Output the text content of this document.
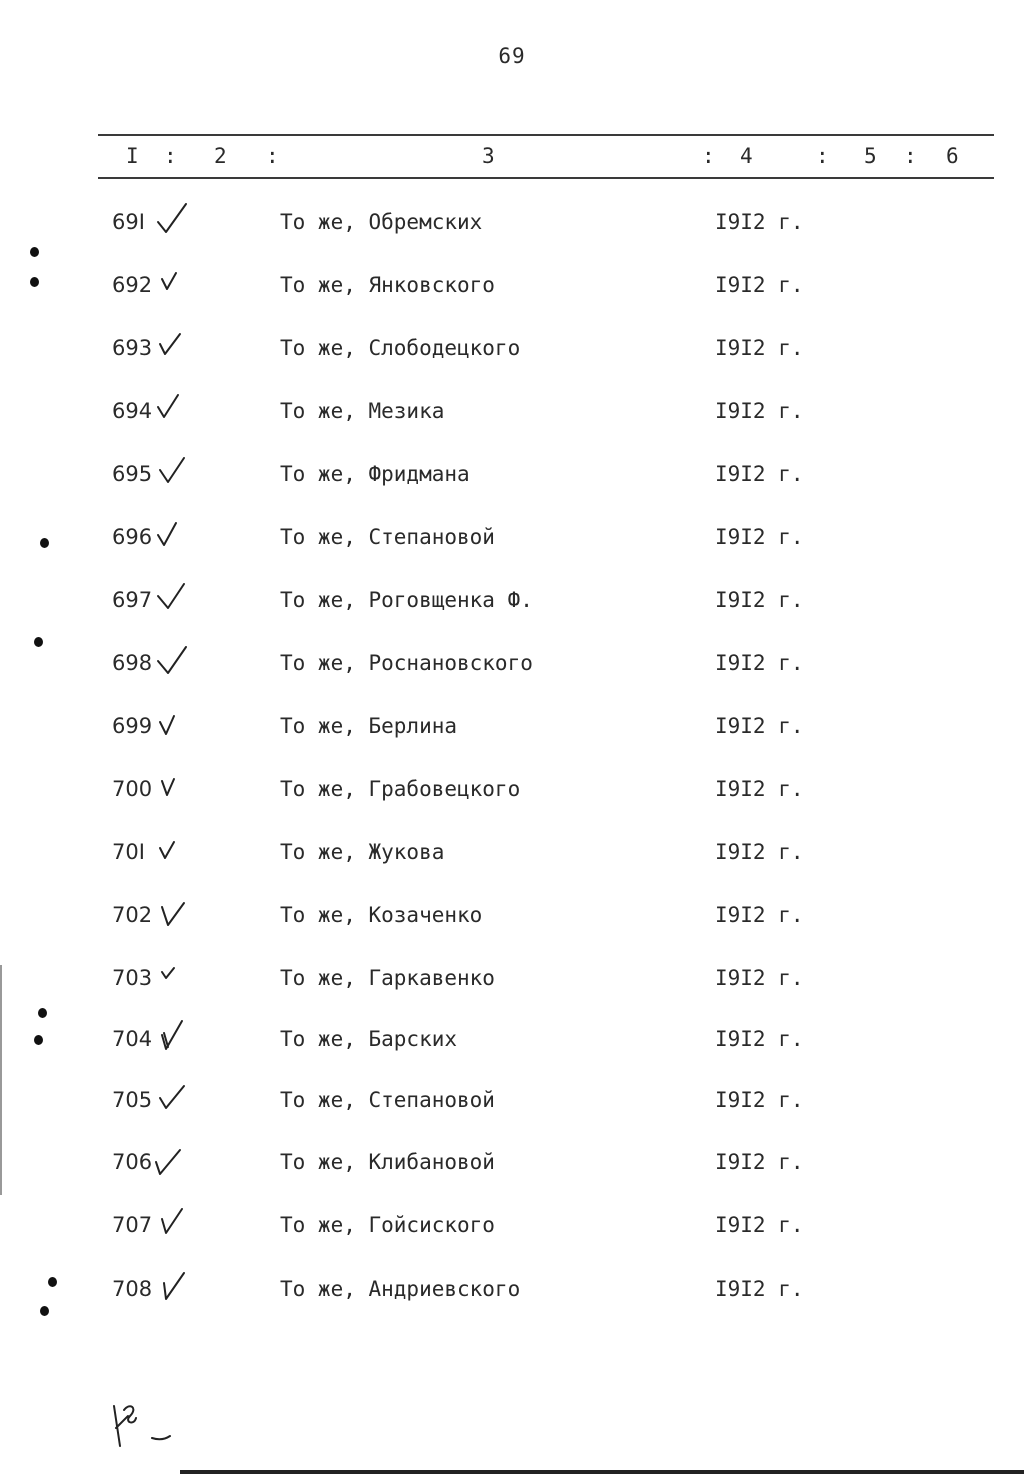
69
I : 2 :	3	: 4	: 5 : 6
69I	То же, Обремских	I9I2 г.
692	То же, Янковского	I9I2 г.
693	То же, Слободецкого	I9I2 г.
694	То же, Мезика	I9I2 г.
695	То же, Фридмана	I9I2 г.
696	То же, Степановой	I9I2 г.
697	То же, Роговщенка Ф.	I9I2 г.
698	То же, Роснановского	I9I2 г.
699	То же, Берлина	I9I2 г.
700	То же, Грабовецкого	I9I2 г.
70I	То же, Жукова	I9I2 г.
702	То же, Козаченко	I9I2 г.
703	То же, Гаркавенко	I9I2 г.
704	То же, Барских	I9I2 г.
705	То же, Степановой	I9I2 г.
706	То же, Клибановой	I9I2 г.
707	То же, Гойсиского	I9I2 г.
708	То же, Андриевского	I9I2 г.
